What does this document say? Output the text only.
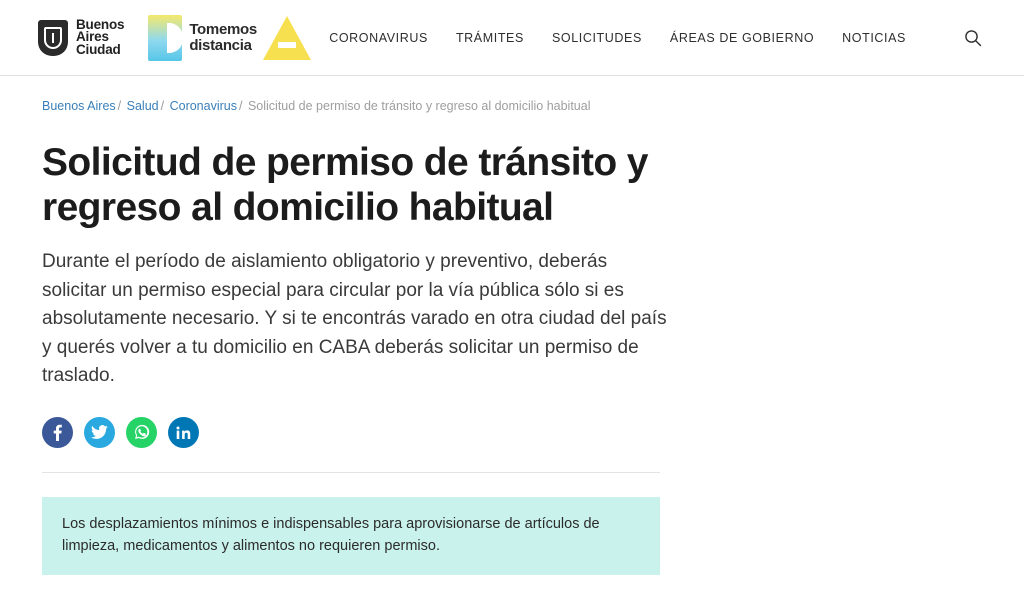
Buenos
Aires
Ciudad
Tomemos
distancia	CORONAVIRUS TRÁMITES SOLICITUDES ÁREAS DE GOBIERNO NOTICIAS
Buenos Aires / Salud / Coronavirus / Solicitud de permiso de tránsito y regreso al domicilio habitual
Solicitud de permiso de tránsito y regreso al domicilio habitual

Durante el período de aislamiento obligatorio y preventivo, deberás solicitar un permiso especial para circular por la vía pública sólo si es absolutamente necesario. Y si te encontrás varado en otra ciudad del país y querés volver a tu domicilio en CABA deberás solicitar un permiso de traslado.

Los desplazamientos mínimos e indispensables para aprovisionarse de artículos de limpieza, medicamentos y alimentos no requieren permiso.
